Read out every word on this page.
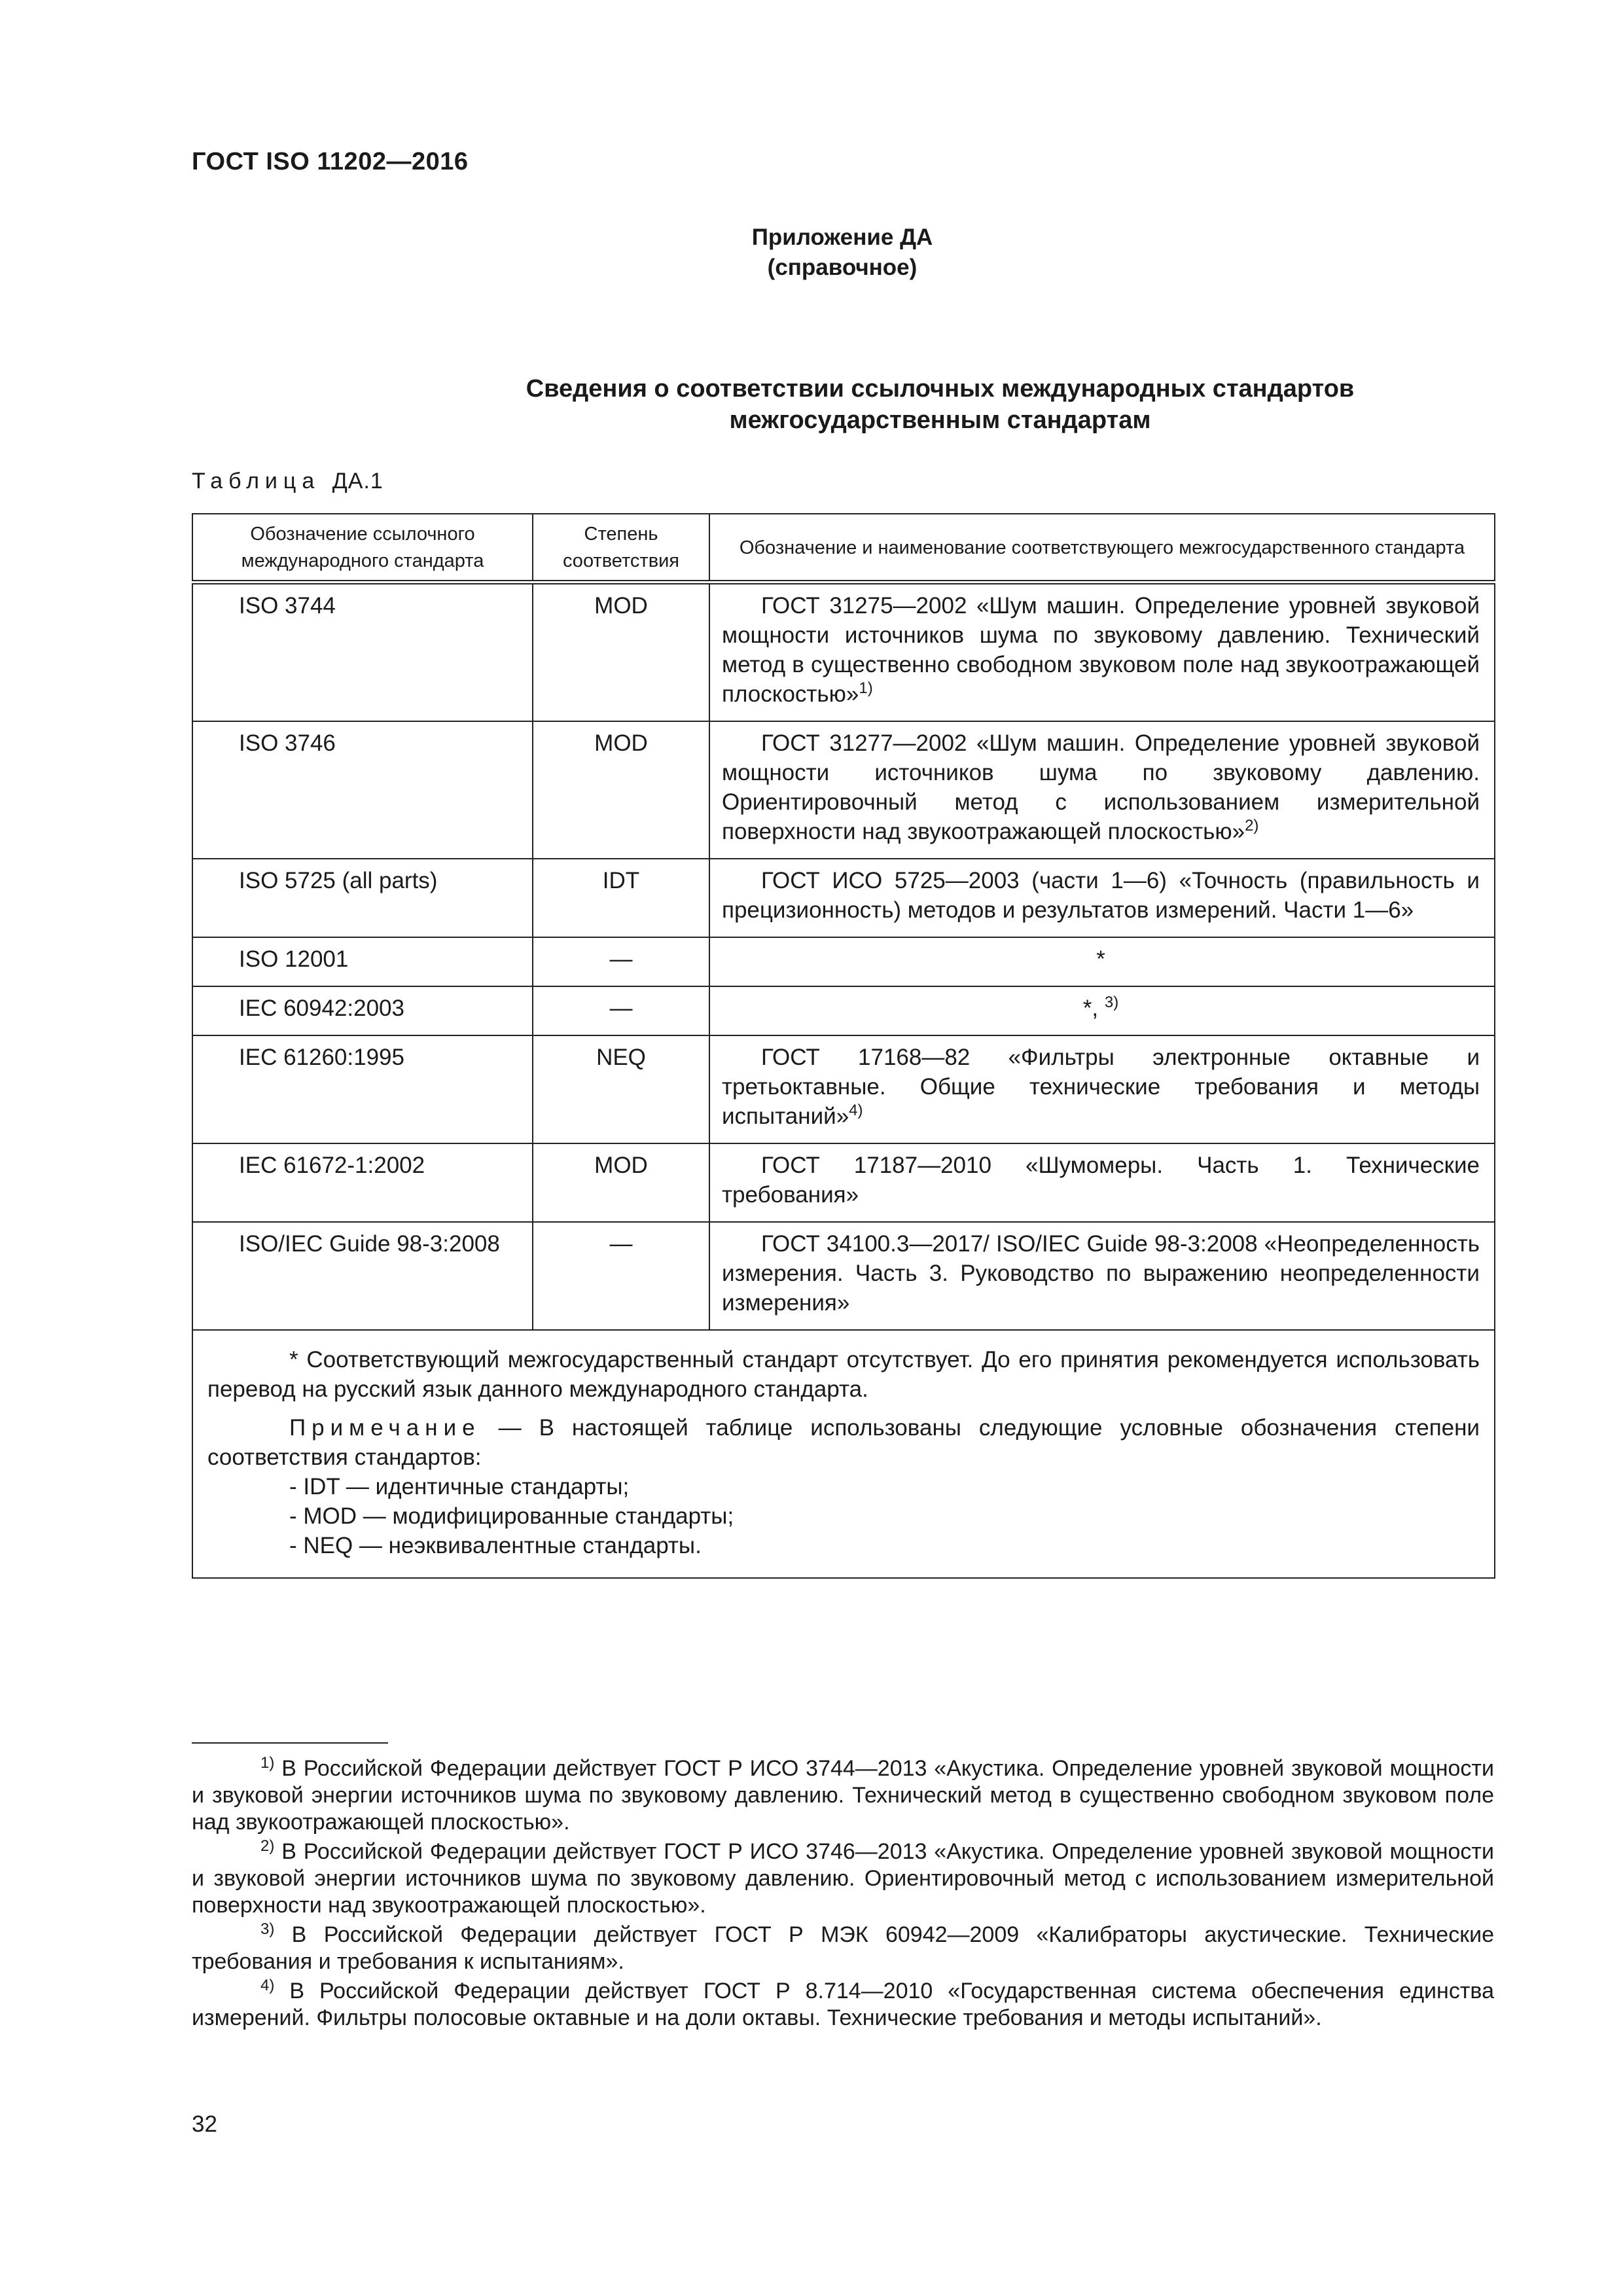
ГОСТ ISO 11202—2016
Приложение ДА
(справочное)
Сведения о соответствии ссылочных международных стандартов
межгосударственным стандартам
Таблица ДА.1
Обозначение ссылочного международного стандарта	Степень соответствия	Обозначение и наименование соответствующего межгосударственного стандарта
ISO 3744	MOD	ГОСТ 31275—2002 «Шум машин. Определение уровней звуковой мощности источников шума по звуковому давлению. Технический метод в существенно свободном звуковом поле над звукоотражающей плоскостью»$^{1)}$
ISO 3746	MOD	ГОСТ 31277—2002 «Шум машин. Определение уровней звуковой мощности источников шума по звуковому давлению. Ориентировочный метод с использованием измерительной поверхности над звукоотражающей плоскостью»$^{2)}$
ISO 5725 (all parts)	IDT	ГОСТ ИСО 5725—2003 (части 1—6) «Точность (правильность и прецизионность) методов и результатов измерений. Части 1—6»
ISO 12001	—	*
IEC 60942:2003	—	*, $^{3)}$
IEC 61260:1995	NEQ	ГОСТ 17168—82 «Фильтры электронные октавные и третьоктавные. Общие технические требования и методы испытаний»$^{4)}$
IEC 61672-1:2002	MOD	ГОСТ 17187—2010 «Шумомеры. Часть 1. Технические требования»
ISO/IEC Guide 98-3:2008	—	ГОСТ 34100.3—2017/ ISO/IEC Guide 98-3:2008 «Неопределенность измерения. Часть 3. Руководство по выражению неопределенности измерения»

* Соответствующий межгосударственный стандарт отсутствует. До его принятия рекомендуется использовать перевод на русский язык данного международного стандарта.
Примечание — В настоящей таблице использованы следующие условные обозначения степени соответствия стандартов:
- IDT — идентичные стандарты;
- MOD — модифицированные стандарты;
- NEQ — неэквивалентные стандарты.		

$^{1)}$ В Российской Федерации действует ГОСТ Р ИСО 3744—2013 «Акустика. Определение уровней звуковой мощности и звуковой энергии источников шума по звуковому давлению. Технический метод в существенно свободном звуковом поле над звукоотражающей плоскостью».

$^{2)}$ В Российской Федерации действует ГОСТ Р ИСО 3746—2013 «Акустика. Определение уровней звуковой мощности и звуковой энергии источников шума по звуковому давлению. Ориентировочный метод с использованием измерительной поверхности над звукоотражающей плоскостью».

$^{3)}$ В Российской Федерации действует ГОСТ Р МЭК 60942—2009 «Калибраторы акустические. Технические требования и требования к испытаниям».

$^{4)}$ В Российской Федерации действует ГОСТ Р 8.714—2010 «Государственная система обеспечения единства измерений. Фильтры полосовые октавные и на доли октавы. Технические требования и методы испытаний».

32
